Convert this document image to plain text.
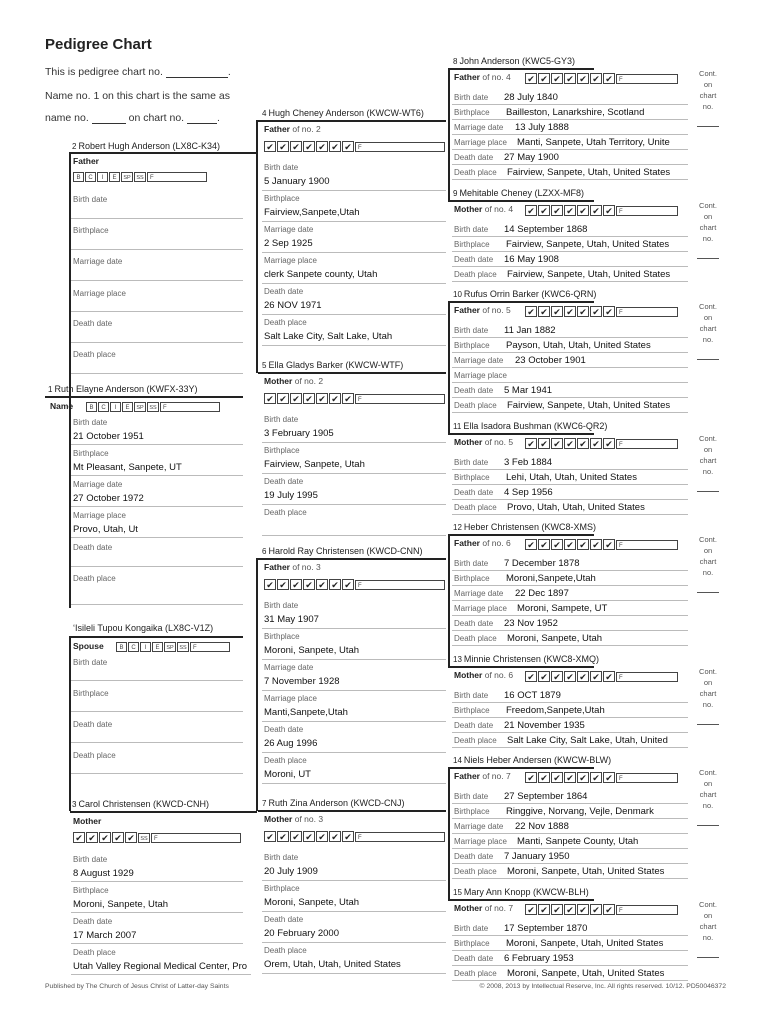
Pedigree Chart
This is pedigree chart no.	.
Name no. 1 on this chart is the same as
name no.	on chart no.	.
2 Robert Hugh Anderson (LX8C-K34)
Father
B	C	I	E	SP	SS	F
Birth date
Birthplace
Marriage date
Marriage place
Death date
Death place
1 Ruth Elayne Anderson (KWFX-33Y)
Name	B	C	I	E	SP	SS	F
Birth date
21 October 1951
Birthplace
Mt Pleasant, Sanpete, UT
Marriage date
27 October 1972
Marriage place
Provo, Utah, Ut
Death date
Death place
ʻIsileli Tupou Kongaika (LX8C-V1Z)
Spouse	B	C	I	E	SP	SS	F
Birth date
Birthplace
Death date
Death place
3 Carol Christensen (KWCD-CNH)
Mother
✔ ✔ ✔ ✔ ✔	SS	F
Birth date
8 August 1929
Birthplace
Moroni, Sanpete, Utah
Death date
17 March 2007
Death place
Utah Valley Regional Medical Center, Pro
4 Hugh Cheney Anderson (KWCW-WT6)
Father of no. 2
✔ ✔ ✔ ✔ ✔ ✔ ✔	F
Birth date
5 January 1900
Birthplace
Fairview,Sanpete,Utah
Marriage date
2 Sep 1925
Marriage place
clerk Sanpete county, Utah
Death date
26 NOV 1971
Death place
Salt Lake City, Salt Lake, Utah
5 Ella Gladys Barker (KWCW-WTF)
Mother of no. 2
✔ ✔ ✔ ✔ ✔ ✔ ✔	F
Birth date
3 February 1905
Birthplace
Fairview, Sanpete, Utah
Death date
19 July 1995
Death place
6 Harold Ray Christensen (KWCD-CNN)
Father of no. 3
✔ ✔ ✔ ✔ ✔ ✔ ✔	F
Birth date
31 May 1907
Birthplace
Moroni, Sanpete, Utah
Marriage date
7 November 1928
Marriage place
Manti,Sanpete,Utah
Death date
26 Aug 1996
Death place
Moroni, UT
7 Ruth Zina Anderson (KWCD-CNJ)
Mother of no. 3
✔ ✔ ✔ ✔ ✔ ✔ ✔	F
Birth date
20 July 1909
Birthplace
Moroni, Sanpete, Utah
Death date
20 February 2000
Death place
Orem, Utah, Utah, United States
8 John Anderson (KWC5-GY3)
Father of no. 4 ✔ ✔ ✔ ✔ ✔ ✔ ✔	F
Birth date 28 July 1840
Birthplace Bailleston, Lanarkshire, Scotland
Marriage date 13 July 1888
Marriage place Manti, Sanpete, Utah Territory, Unite
Death date 27 May 1900
Death place Fairview, Sanpete, Utah, United States
Cont.
on
chart
no.
9 Mehitable Cheney (LZXX-MF8)
Mother of no. 4 ✔ ✔ ✔ ✔ ✔ ✔ ✔	F
Birth date 14 September 1868
Birthplace Fairview, Sanpete, Utah, United States
Death date 16 May 1908
Death place Fairview, Sanpete, Utah, United States
Cont.
on
chart
no.
10 Rufus Orrin Barker (KWC6-QRN)
Father of no. 5 ✔ ✔ ✔ ✔ ✔ ✔ ✔	F
Birth date 11 Jan 1882
Birthplace Payson, Utah, Utah, United States
Marriage date 23 October 1901
Marriage place
Death date 5 Mar 1941
Death place Fairview, Sanpete, Utah, United States
Cont.
on
chart
no.
11 Ella Isadora Bushman (KWC6-QR2)
Mother of no. 5 ✔ ✔ ✔ ✔ ✔ ✔ ✔	F
Birth date 3 Feb 1884
Birthplace Lehi, Utah, Utah, United States
Death date 4 Sep 1956
Death place Provo, Utah, Utah, United States
Cont.
on
chart
no.
12 Heber Christensen (KWC8-XMS)
Father of no. 6 ✔ ✔ ✔ ✔ ✔ ✔ ✔	F
Birth date 7 December 1878
Birthplace Moroni,Sanpete,Utah
Marriage date 22 Dec 1897
Marriage place Moroni, Sampete, UT
Death date 23 Nov 1952
Death place Moroni, Sanpete, Utah
Cont.
on
chart
no.
13 Minnie Christensen (KWC8-XMQ)
Mother of no. 6 ✔ ✔ ✔ ✔ ✔ ✔ ✔	F
Birth date 16 OCT 1879
Birthplace Freedom,Sanpete,Utah
Death date 21 November 1935
Death place Salt Lake City, Salt Lake, Utah, United
Cont.
on
chart
no.
14 Niels Heber Andersen (KWCW-BLW)
Father of no. 7 ✔ ✔ ✔ ✔ ✔ ✔ ✔	F
Birth date 27 September 1864
Birthplace Ringgive, Norvang, Vejle, Denmark
Marriage date 22 Nov 1888
Marriage place Manti, Sanpete County, Utah
Death date 7 January 1950
Death place Moroni, Sanpete, Utah, United States
Cont.
on
chart
no.
15 Mary Ann Knopp (KWCW-BLH)
Mother of no. 7 ✔ ✔ ✔ ✔ ✔ ✔ ✔	F
Birth date 17 September 1870
Birthplace Moroni, Sanpete, Utah, United States
Death date 6 February 1953
Death place Moroni, Sanpete, Utah, United States
Cont.
on
chart
no.
Published by The Church of Jesus Christ of Latter-day Saints	© 2008, 2013 by Intellectual Reserve, Inc. All rights reserved. 10/12. PD50046372
